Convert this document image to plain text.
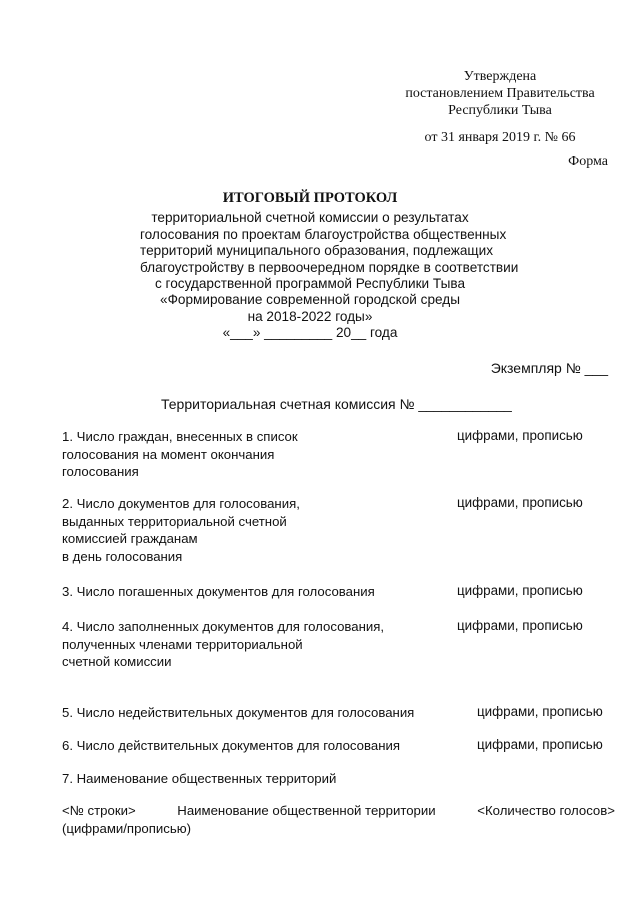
Утверждена
постановлением Правительства
Республики Тыва
от 31 января 2019 г. № 66
Форма
ИТОГОВЫЙ ПРОТОКОЛ
территориальной счетной комиссии о результатах
голосования по проектам благоустройства общественных
территорий муниципального образования, подлежащих
благоустройству в первоочередном порядке в соответствии
с государственной программой Республики Тыва
«Формирование современной городской среды
на 2018-2022 годы»
«___» _________ 20__ года
Экземпляр № ___
Территориальная счетная комиссия № ____________
1. Число граждан, внесенных в список
голосования на момент окончания
голосования
цифрами, прописью
2. Число документов для голосования,
выданных территориальной счетной
комиссией гражданам
в день голосования
цифрами, прописью
3. Число погашенных документов для голосования	цифрами, прописью
4. Число заполненных документов для голосования,
полученных членами территориальной
счетной комиссии
цифрами, прописью
5. Число недействительных документов для голосования	цифрами, прописью
6. Число действительных документов для голосования	цифрами, прописью
7. Наименование общественных территорий
<№ строки>	Наименование общественной территории	<Количество голосов>
(цифрами/прописью)
